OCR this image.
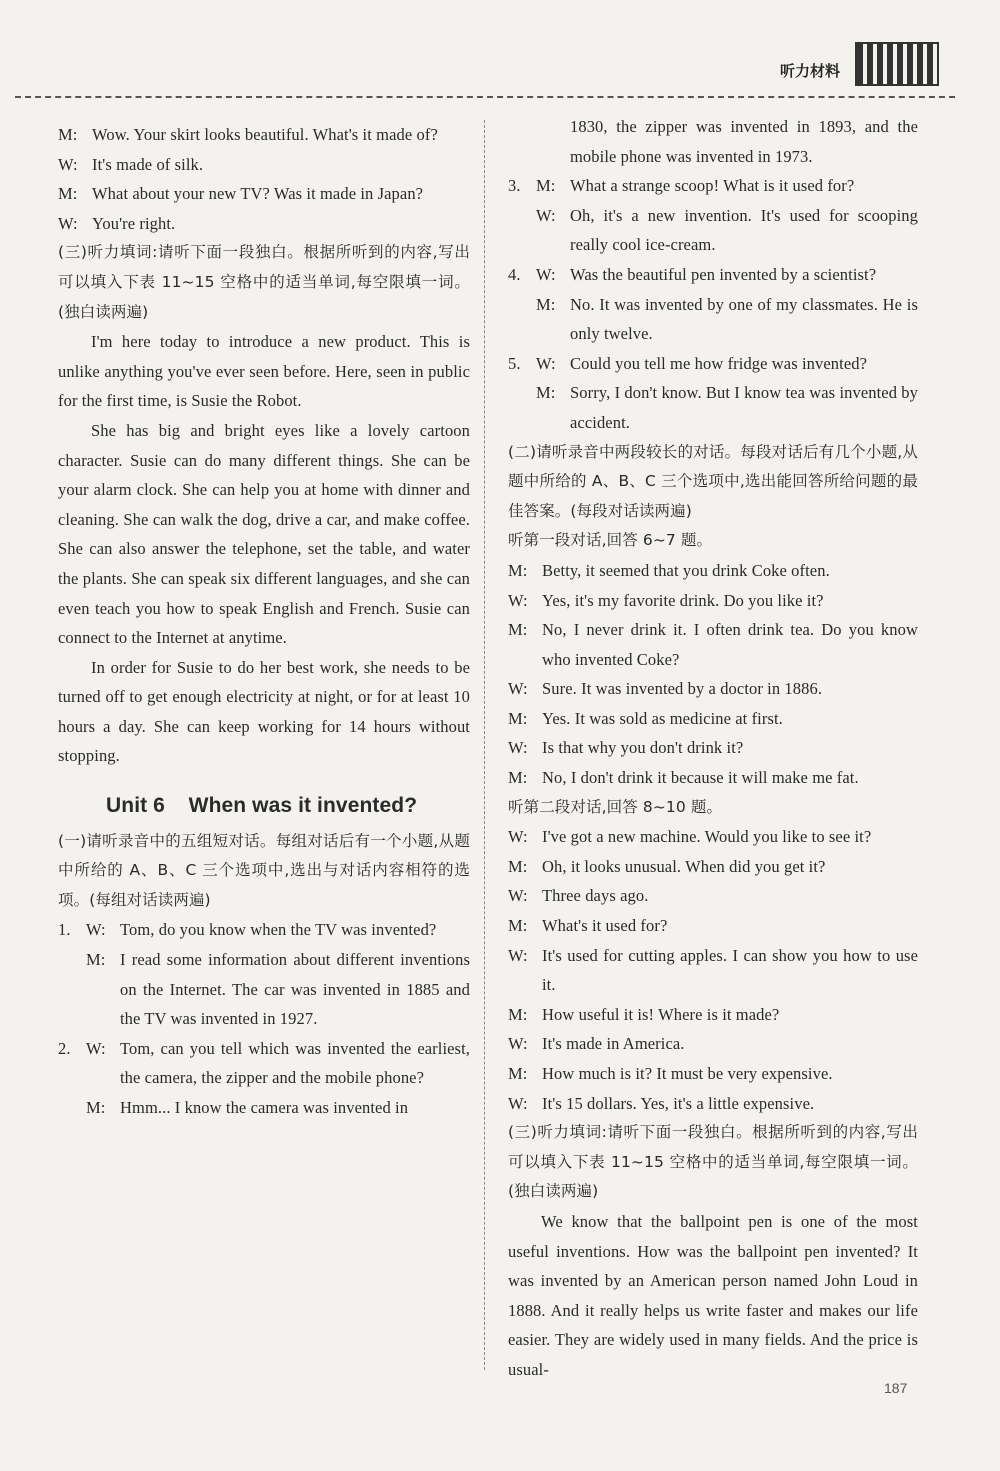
听力材料
M: Wow. Your skirt looks beautiful. What's it made of?
W: It's made of silk.
M: What about your new TV? Was it made in Japan?
W: You're right.

(三)听力填词:请听下面一段独白。根据所听到的内容,写出可以填入下表 11~15 空格中的适当单词,每空限填一词。(独白读两遍)

I'm here today to introduce a new product. This is unlike anything you've ever seen before. Here, seen in public for the first time, is Susie the Robot.

She has big and bright eyes like a lovely cartoon character. Susie can do many different things. She can be your alarm clock. She can help you at home with dinner and cleaning. She can walk the dog, drive a car, and make coffee. She can also answer the telephone, set the table, and water the plants. She can speak six different languages, and she can even teach you how to speak English and French. Susie can connect to the Internet at anytime.

In order for Susie to do her best work, she needs to be turned off to get enough electricity at night, or for at least 10 hours a day. She can keep working for 14 hours without stopping.

Unit 6    When was it invented?

(一)请听录音中的五组短对话。每组对话后有一个小题,从题中所给的 A、B、C 三个选项中,选出与对话内容相符的选项。(每组对话读两遍)

1. W: Tom, do you know when the TV was invented?
M: I read some information about different inventions on the Internet. The car was invented in 1885 and the TV was invented in 1927.
2. W: Tom, can you tell which was invented the earliest, the camera, the zipper and the mobile phone?
M: Hmm... I know the camera was invented in
1830, the zipper was invented in 1893, and the mobile phone was invented in 1973.
3. M: What a strange scoop! What is it used for?
W: Oh, it's a new invention. It's used for scooping really cool ice-cream.
4. W: Was the beautiful pen invented by a scientist?
M: No. It was invented by one of my classmates. He is only twelve.
5. W: Could you tell me how fridge was invented?
M: Sorry, I don't know. But I know tea was invented by accident.

(二)请听录音中两段较长的对话。每段对话后有几个小题,从题中所给的 A、B、C 三个选项中,选出能回答所给问题的最佳答案。(每段对话读两遍)

听第一段对话,回答 6~7 题。

M: Betty, it seemed that you drink Coke often.
W: Yes, it's my favorite drink. Do you like it?
M: No, I never drink it. I often drink tea. Do you know who invented Coke?
W: Sure. It was invented by a doctor in 1886.
M: Yes. It was sold as medicine at first.
W: Is that why you don't drink it?
M: No, I don't drink it because it will make me fat.

听第二段对话,回答 8~10 题。

W: I've got a new machine. Would you like to see it?
M: Oh, it looks unusual. When did you get it?
W: Three days ago.
M: What's it used for?
W: It's used for cutting apples. I can show you how to use it.
M: How useful it is! Where is it made?
W: It's made in America.
M: How much is it? It must be very expensive.
W: It's 15 dollars. Yes, it's a little expensive.

(三)听力填词:请听下面一段独白。根据所听到的内容,写出可以填入下表 11~15 空格中的适当单词,每空限填一词。(独白读两遍)

We know that the ballpoint pen is one of the most useful inventions. How was the ballpoint pen invented? It was invented by an American person named John Loud in 1888. And it really helps us write faster and makes our life easier. They are widely used in many fields. And the price is usual-

187
